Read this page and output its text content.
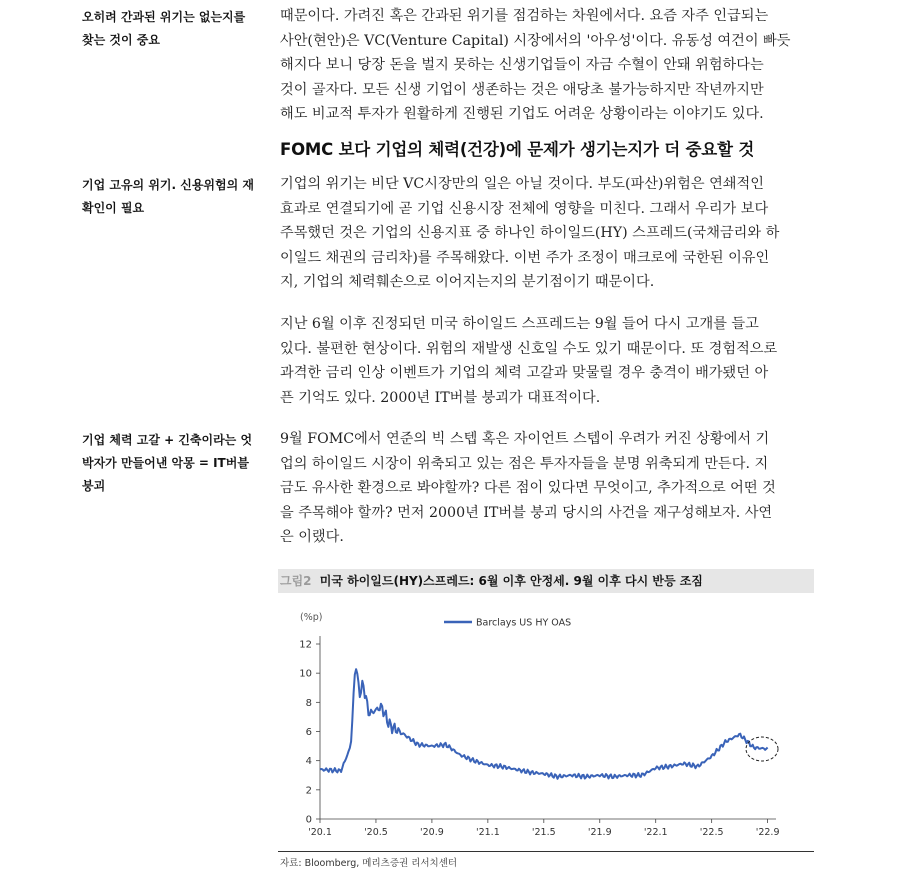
오히려 간과된 위기는 없는지를
찾는 것이 중요
기업 고유의 위기. 신용위험의 재
확인이 필요
기업 체력 고갈 + 긴축이라는 엇
박자가 만들어낸 악몽 = IT버블
붕괴
때문이다. 가려진 혹은 간과된 위기를 점검하는 차원에서다. 요즘 자주 인급되는
사안(현안)은 VC(Venture Capital) 시장에서의 '아우성'이다. 유동성 여건이 빠듯
해지다 보니 당장 돈을 벌지 못하는 신생기업들이 자금 수혈이 안돼 위험하다는
것이 골자다. 모든 신생 기업이 생존하는 것은 애당초 불가능하지만 작년까지만
해도 비교적 투자가 원활하게 진행된 기업도 어려운 상황이라는 이야기도 있다.
FOMC 보다 기업의 체력(건강)에 문제가 생기는지가 더 중요할 것
기업의 위기는 비단 VC시장만의 일은 아닐 것이다. 부도(파산)위험은 연쇄적인
효과로 연결되기에 곧 기업 신용시장 전체에 영향을 미친다. 그래서 우리가 보다
주목했던 것은 기업의 신용지표 중 하나인 하이일드(HY) 스프레드(국채금리와 하
이일드 채권의 금리차)를 주목해왔다. 이번 주가 조정이 매크로에 국한된 이유인
지, 기업의 체력훼손으로 이어지는지의 분기점이기 때문이다.
지난 6월 이후 진정되던 미국 하이일드 스프레드는 9월 들어 다시 고개를 들고
있다. 불편한 현상이다. 위험의 재발생 신호일 수도 있기 때문이다. 또 경험적으로
과격한 금리 인상 이벤트가 기업의 체력 고갈과 맞물릴 경우 충격이 배가됐던 아
픈 기억도 있다. 2000년 IT버블 붕괴가 대표적이다.
9월 FOMC에서 연준의 빅 스텝 혹은 자이언트 스텝이 우려가 커진 상황에서 기
업의 하이일드 시장이 위축되고 있는 점은 투자자들을 분명 위축되게 만든다. 지
금도 유사한 환경으로 봐야할까? 다른 점이 있다면 무엇이고, 추가적으로 어떤 것
을 주목해야 할까? 먼저 2000년 IT버블 붕괴 당시의 사건을 재구성해보자. 사연
은 이랬다.
그림2 미국 하이일드(HY)스프레드: 6월 이후 안정세. 9월 이후 다시 반등 조짐
0
2
4
6
8
10
12
'20.1	'20.5	'20.9	'21.1	'21.5	'21.9	'22.1	'22.5	'22.9
(%p)	Barclays US HY OAS
자료: Bloomberg, 메리츠증권 리서치센터
